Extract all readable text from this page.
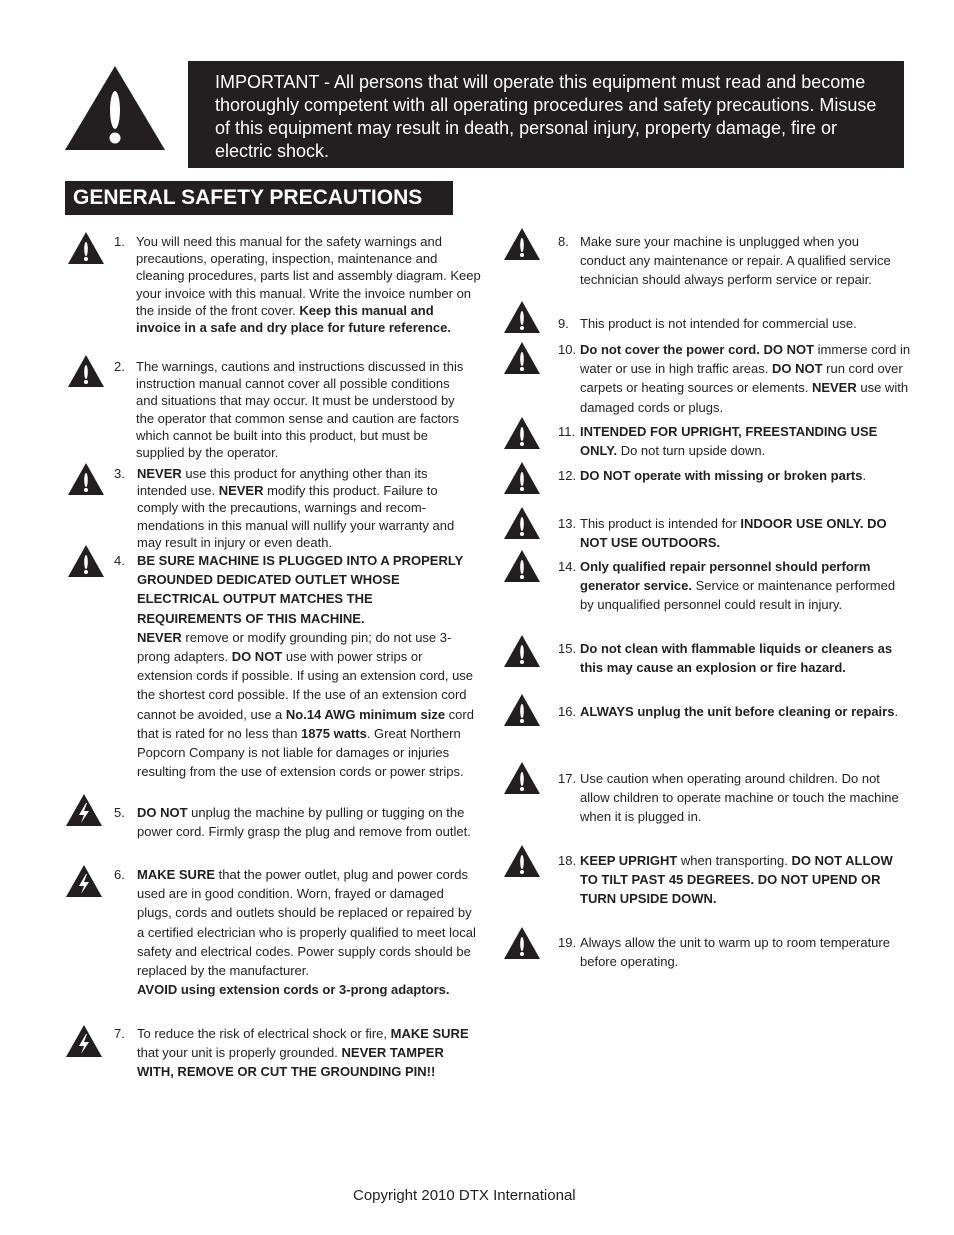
IMPORTANT - All persons that will operate this equipment must read and become thoroughly competent with all operating procedures and safety precautions. Misuse of this equipment may result in death, personal injury, property damage, fire or electric shock.
GENERAL SAFETY PRECAUTIONS
1. You will need this manual for the safety warnings and precautions, operating, inspection, maintenance and cleaning procedures, parts list and assembly diagram. Keep your invoice with this manual. Write the invoice number on the inside of the front cover. Keep this manual and invoice in a safe and dry place for future reference.
2. The warnings, cautions and instructions discussed in this instruction manual cannot cover all possible conditions and situations that may occur. It must be understood by the operator that common sense and caution are factors which cannot be built into this product, but must be supplied by the operator.
3. NEVER use this product for anything other than its intended use. NEVER modify this product. Failure to comply with the precautions, warnings and recom- mendations in this manual will nullify your warranty and may result in injury or even death.
4. BE SURE MACHINE IS PLUGGED INTO A PROPERLY GROUNDED DEDICATED OUTLET WHOSE ELECTRICAL OUTPUT MATCHES THE REQUIREMENTS OF THIS MACHINE.
NEVER remove or modify grounding pin; do not use 3-prong adapters. DO NOT use with power strips or extension cords if possible. If using an extension cord, use the shortest cord possible. If the use of an extension cord cannot be avoided, use a No.14 AWG minimum size cord that is rated for no less than 1875 watts. Great Northern Popcorn Company is not liable for damages or injuries resulting from the use of extension cords or power strips.
5. DO NOT unplug the machine by pulling or tugging on the power cord. Firmly grasp the plug and remove from outlet.
6. MAKE SURE that the power outlet, plug and power cords used are in good condition. Worn, frayed or damaged plugs, cords and outlets should be replaced or repaired by a certified electrician who is properly qualified to meet local safety and electrical codes. Power supply cords should be replaced by the manufacturer.
AVOID using extension cords or 3-prong adaptors.
7. To reduce the risk of electrical shock or fire, MAKE SURE that your unit is properly grounded. NEVER TAMPER WITH, REMOVE OR CUT THE GROUNDING PIN!!
8. Make sure your machine is unplugged when you conduct any maintenance or repair. A qualified service technician should always perform service or repair.
9. This product is not intended for commercial use.
10. Do not cover the power cord. DO NOT immerse cord in water or use in high traffic areas. DO NOT run cord over carpets or heating sources or elements. NEVER use with damaged cords or plugs.
11. INTENDED FOR UPRIGHT, FREESTANDING USE ONLY. Do not turn upside down.
12. DO NOT operate with missing or broken parts.
13. This product is intended for INDOOR USE ONLY. DO NOT USE OUTDOORS.
14. Only qualified repair personnel should perform generator service. Service or maintenance performed by unqualified personnel could result in injury.
15. Do not clean with flammable liquids or cleaners as this may cause an explosion or fire hazard.
16. ALWAYS unplug the unit before cleaning or repairs.
17. Use caution when operating around children. Do not allow children to operate machine or touch the machine when it is plugged in.
18. KEEP UPRIGHT when transporting. DO NOT ALLOW TO TILT PAST 45 DEGREES. DO NOT UPEND OR TURN UPSIDE DOWN.
19. Always allow the unit to warm up to room temperature before operating.
Copyright 2010 DTX International
